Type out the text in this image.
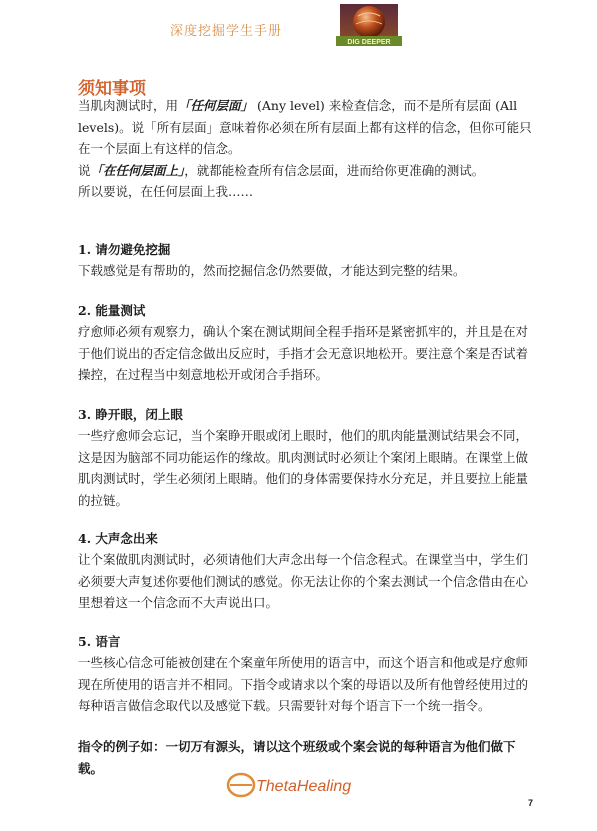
深度挖掘学生手册
DIG DEEPER
须知事项
当肌肉测试时，用「任何层面」 (Any level) 来检查信念，而不是所有层面 (All levels)。说「所有层面」意味着你必须在所有层面上都有这样的信念，但你可能只在一个层面上有这样的信念。
说「在任何层面上」，就都能检查所有信念层面，进而给你更准确的测试。
所以要说，在任何层面上我……
1. 请勿避免挖掘

下载感觉是有帮助的，然而挖掘信念仍然要做，才能达到完整的结果。

2. 能量测试

疗愈师必须有观察力，确认个案在测试期间全程手指环是紧密抓牢的，并且是在对于他们说出的否定信念做出反应时，手指才会无意识地松开。要注意个案是否试着操控，在过程当中刻意地松开或闭合手指环。

3. 睁开眼，闭上眼

一些疗愈师会忘记，当个案睁开眼或闭上眼时，他们的肌肉能量测试结果会不同，这是因为脑部不同功能运作的缘故。肌肉测试时必须让个案闭上眼睛。在课堂上做肌肉测试时，学生必须闭上眼睛。他们的身体需要保持水分充足，并且要拉上能量的拉链。

4. 大声念出来

让个案做肌肉测试时，必须请他们大声念出每一个信念程式。在课堂当中，学生们必须要大声复述你要他们测试的感觉。你无法让你的个案去测试一个信念借由在心里想着这一个信念而不大声说出口。

5. 语言

一些核心信念可能被创建在个案童年所使用的语言中，而这个语言和他或是疗愈师现在所使用的语言并不相同。下指令或请求以个案的母语以及所有他曾经使用过的每种语言做信念取代以及感觉下载。只需要针对每个语言下一个统一指令。

指令的例子如：一切万有源头，请以这个班级或个案会说的每种语言为他们做下载。

ThetaHealing
7
